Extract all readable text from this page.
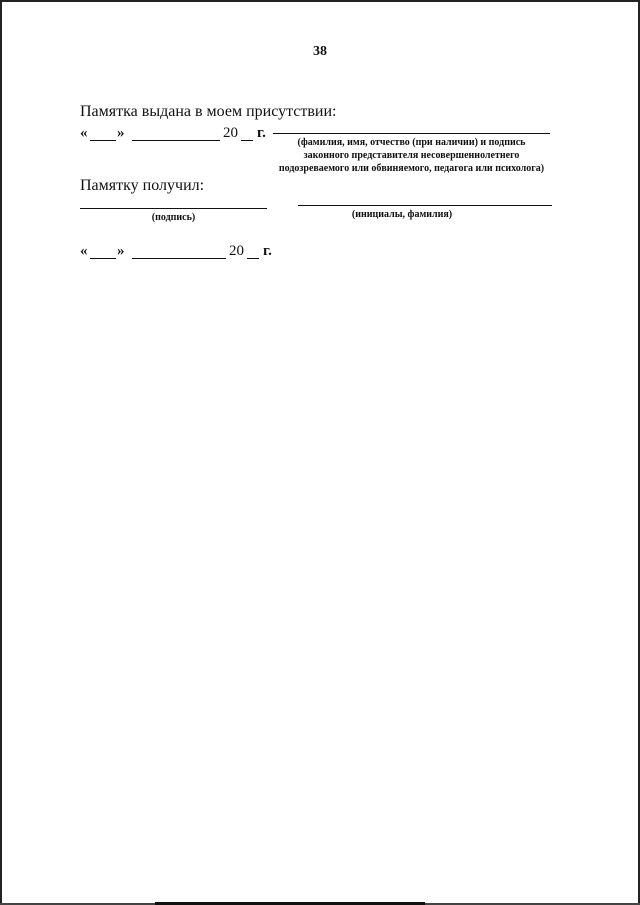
38
Памятка выдана в моем присутствии:
« »	20 г.
(фамилия, имя, отчество (при наличии) и подпись
законного представителя несовершеннолетнего
подозреваемого или обвиняемого, педагога или психолога)
Памятку получил:
(подпись)	(инициалы, фамилия)
« »	20 г.
